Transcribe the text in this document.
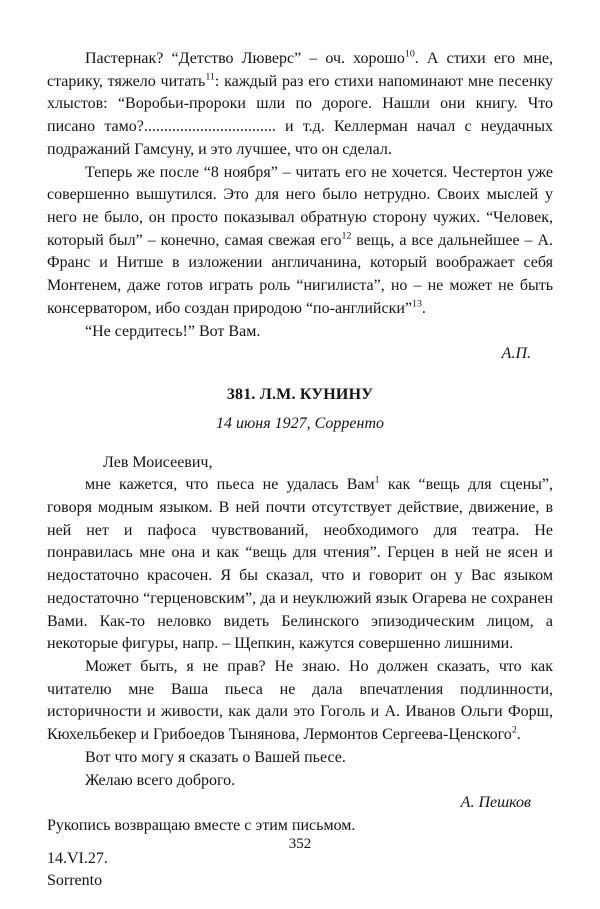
Пастернак? “Детство Люверс” – оч. хорошо$^{10}$. А стихи его мне, старику, тяжело читать$^{11}$: каждый раз его стихи напоминают мне песенку хлыстов: “Воробьи-пророки шли по дороге. Нашли они книгу. Что писано тамо?................................. и т.д. Келлерман начал с неудачных подражаний Гамсуну, и это лучшее, что он сделал.

Теперь же после “8 ноября” – читать его не хочется. Честертон уже совершенно вышутился. Это для него было нетрудно. Своих мыслей у него не было, он просто показывал обратную сторону чужих. “Человек, который был” – конечно, самая свежая его$^{12}$ вещь, а все дальнейшее – А. Франс и Нитше в изложении англичанина, который воображает себя Монтенем, даже готов играть роль “нигилиста”, но – не может не быть консерватором, ибо создан природою “по-английски”$^{13}$.

“Не сердитесь!” Вот Вам.

А.П.

381. Л.М. КУНИНУ

14 июня 1927, Сорренто

Лев Моисеевич,

мне кажется, что пьеса не удалась Вам$^1$ как “вещь для сцены”, говоря модным языком. В ней почти отсутствует действие, движение, в ней нет и пафоса чувствований, необходимого для театра. Не понравилась мне она и как “вещь для чтения”. Герцен в ней не ясен и недостаточно красочен. Я бы сказал, что и говорит он у Вас языком недостаточно “герценовским”, да и неуклюжий язык Огарева не сохранен Вами. Как-то неловко видеть Белинского эпизодическим лицом, а некоторые фигуры, напр. – Щепкин, кажутся совершенно лишними.

Может быть, я не прав? Не знаю. Но должен сказать, что как читателю мне Ваша пьеса не дала впечатления подлинности, историчности и живости, как дали это Гоголь и А. Иванов Ольги Форш, Кюхельбекер и Грибоедов Тынянова, Лермонтов Сергеева-Ценского$^2$.

Вот что могу я сказать о Вашей пьесе.

Желаю всего доброго.

А. Пешков

Рукопись возвращаю вместе с этим письмом.

14.VI.27.

Sorrento

352
